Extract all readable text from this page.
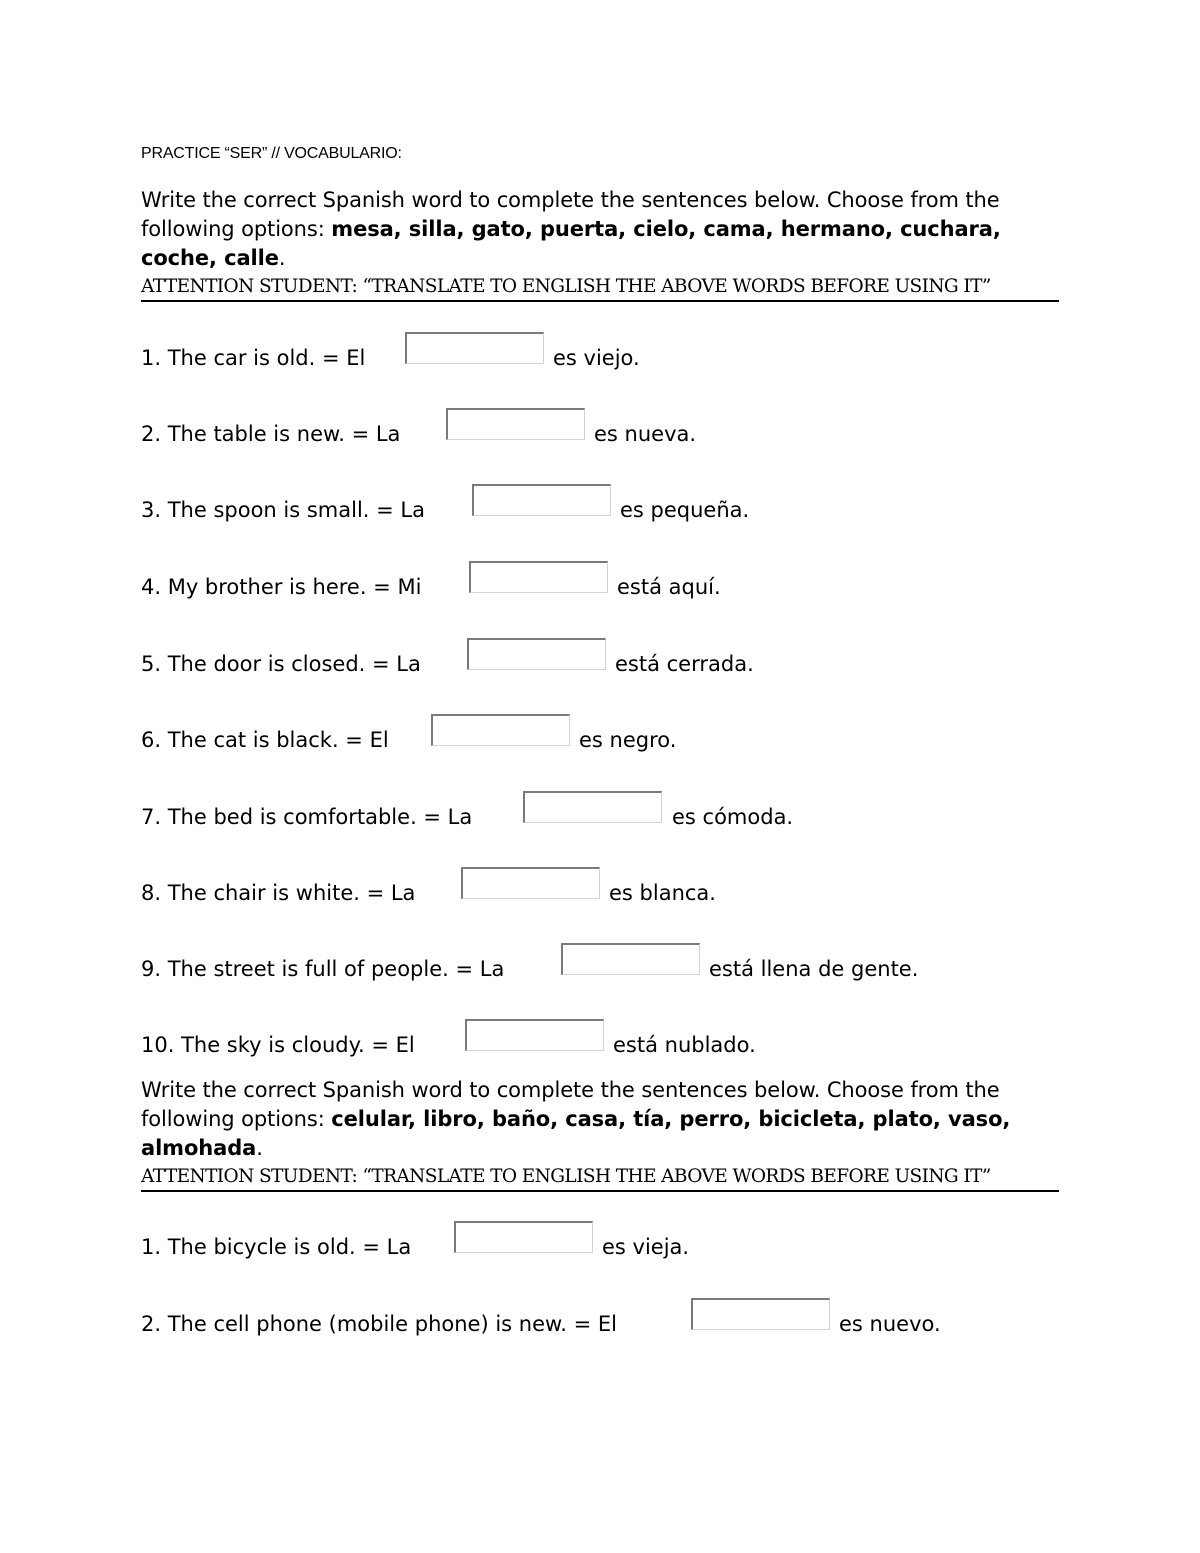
PRACTICE “SER” // VOCABULARIO:
Write the correct Spanish word to complete the sentences below. Choose from the following options: mesa, silla, gato, puerta, cielo, cama, hermano, cuchara, coche, calle.
ATTENTION STUDENT: “TRANSLATE TO ENGLISH THE ABOVE WORDS BEFORE USING IT”
1. The car is old. = El	es viejo.
2. The table is new. = La	es nueva.
3. The spoon is small. = La	es pequeña.
4. My brother is here. = Mi	está aquí.
5. The door is closed. = La	está cerrada.
6. The cat is black. = El	es negro.
7. The bed is comfortable. = La	es cómoda.
8. The chair is white. = La	es blanca.
9. The street is full of people. = La	está llena de gente.
10. The sky is cloudy. = El	está nublado.
Write the correct Spanish word to complete the sentences below. Choose from the following options: celular, libro, baño, casa, tía, perro, bicicleta, plato, vaso, almohada.
ATTENTION STUDENT: “TRANSLATE TO ENGLISH THE ABOVE WORDS BEFORE USING IT”
1. The bicycle is old. = La	es vieja.
2. The cell phone (mobile phone) is new. = El	es nuevo.
